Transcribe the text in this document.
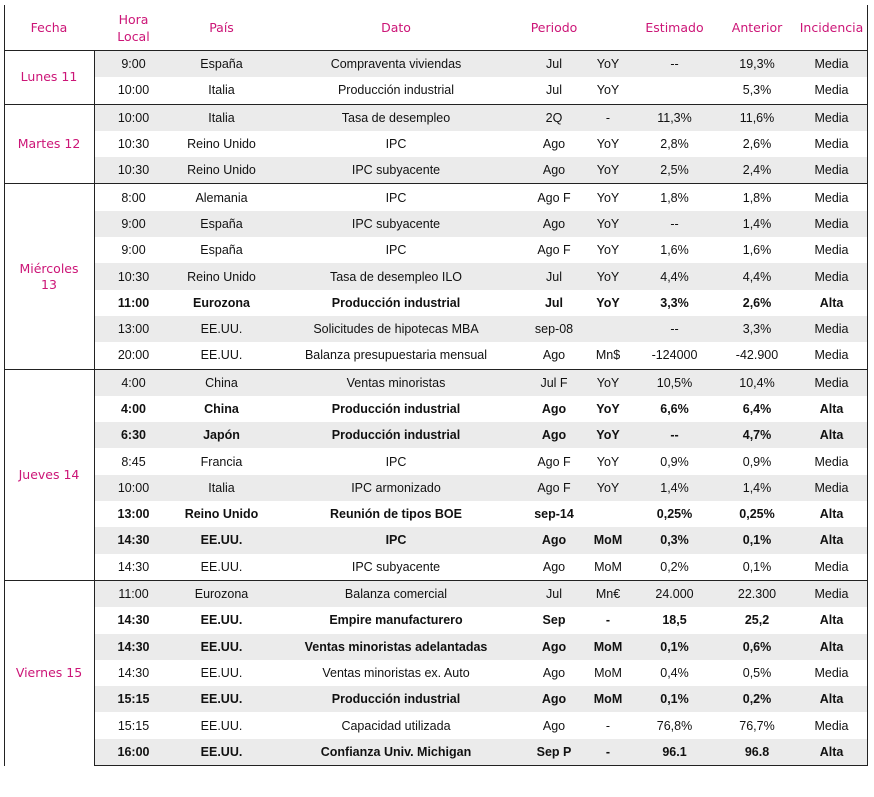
Fecha	Hora Local	País	Dato	Periodo		Estimado	Anterior	Incidencia
Lunes 11	9:00	España	Compraventa viviendas	Jul	YoY	--	19,3%	Media
	10:00	Italia	Producción industrial	Jul	YoY		5,3%	Media
Martes 12	10:00	Italia	Tasa de desempleo	2Q	-	11,3%	11,6%	Media
	10:30	Reino Unido	IPC	Ago	YoY	2,8%	2,6%	Media
	10:30	Reino Unido	IPC subyacente	Ago	YoY	2,5%	2,4%	Media
Miércoles 13	8:00	Alemania	IPC	Ago F	YoY	1,8%	1,8%	Media
	9:00	España	IPC subyacente	Ago	YoY	--	1,4%	Media
	9:00	España	IPC	Ago F	YoY	1,6%	1,6%	Media
	10:30	Reino Unido	Tasa de desempleo ILO	Jul	YoY	4,4%	4,4%	Media
	11:00	Eurozona	Producción industrial	Jul	YoY	3,3%	2,6%	Alta
	13:00	EE.UU.	Solicitudes de hipotecas MBA	sep-08		--	3,3%	Media
	20:00	EE.UU.	Balanza presupuestaria mensual	Ago	Mn$	-124000	-42.900	Media
Jueves 14	4:00	China	Ventas minoristas	Jul F	YoY	10,5%	10,4%	Media
	4:00	China	Producción industrial	Ago	YoY	6,6%	6,4%	Alta
	6:30	Japón	Producción industrial	Ago	YoY	--	4,7%	Alta
	8:45	Francia	IPC	Ago F	YoY	0,9%	0,9%	Media
	10:00	Italia	IPC armonizado	Ago F	YoY	1,4%	1,4%	Media
	13:00	Reino Unido	Reunión de tipos BOE	sep-14		0,25%	0,25%	Alta
	14:30	EE.UU.	IPC	Ago	MoM	0,3%	0,1%	Alta
	14:30	EE.UU.	IPC subyacente	Ago	MoM	0,2%	0,1%	Media
Viernes 15	11:00	Eurozona	Balanza comercial	Jul	Mn€	24.000	22.300	Media
	14:30	EE.UU.	Empire manufacturero	Sep	-	18,5	25,2	Alta
	14:30	EE.UU.	Ventas minoristas adelantadas	Ago	MoM	0,1%	0,6%	Alta
	14:30	EE.UU.	Ventas minoristas ex. Auto	Ago	MoM	0,4%	0,5%	Media
	15:15	EE.UU.	Producción industrial	Ago	MoM	0,1%	0,2%	Alta
	15:15	EE.UU.	Capacidad utilizada	Ago	-	76,8%	76,7%	Media
	16:00	EE.UU.	Confianza Univ. Michigan	Sep P	-	96.1	96.8	Alta
